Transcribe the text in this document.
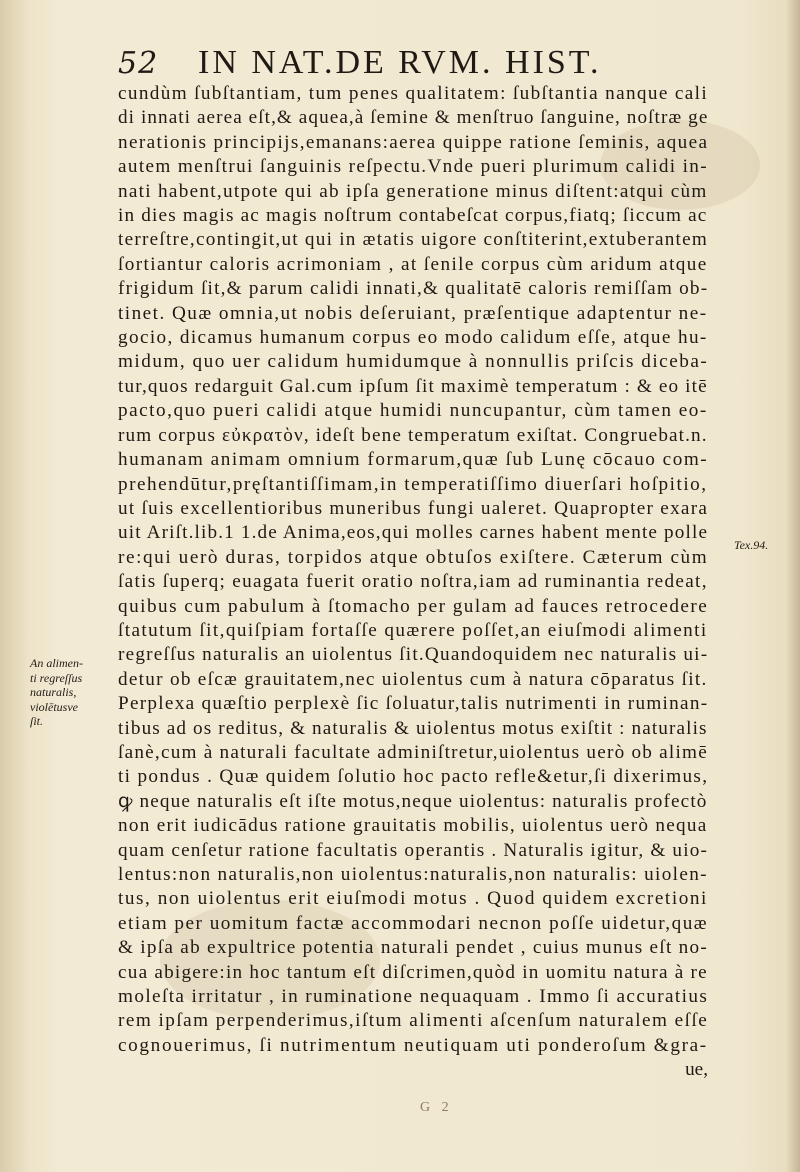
52 IN NAT.DE RVM. HIST.
cundùm ſubſtantiam, tum penes qualitatem: ſubſtantia nanque cali
di innati aerea eſt,& aquea,à ſemine & menſtruo ſanguine, noſtræ ge
nerationis principijs,emanans:aerea quippe ratione ſeminis, aquea
autem menſtrui ſanguinis reſpectu.Vnde pueri plurimum calidi in-
nati habent,utpote qui ab ipſa generatione minus diſtent:atqui cùm
in dies magis ac magis noſtrum contabeſcat corpus,fiatq; ſiccum ac
terreſtre,contingit,ut qui in ætatis uigore conſtiterint,extuberantem
ſortiantur caloris acrimoniam , at ſenile corpus cùm aridum atque
frigidum ſit,& parum calidi innati,& qualitatē caloris remiſſam ob-
tinet. Quæ omnia,ut nobis deſeruiant, præſentique adaptentur ne-
gocio, dicamus humanum corpus eo modo calidum eſſe, atque hu-
midum, quo uer calidum humidumque à nonnullis priſcis diceba-
tur,quos redarguit Gal.cum ipſum ſit maximè temperatum : & eo itē
pacto,quo pueri calidi atque humidi nuncupantur, cùm tamen eo-
rum corpus εὐκρατὸν, ideſt bene temperatum exiſtat. Congruebat.n.
humanam animam omnium formarum,quæ ſub Lunę cōcauo com-
prehendūtur,pręſtantiſſimam,in temperatiſſimo diuerſari hoſpitio,
ut ſuis excellentioribus muneribus fungi ualeret. Quapropter exara
uit Ariſt.lib.1 1.de Anima,eos,qui molles carnes habent mente polle
re:qui uerò duras, torpidos atque obtuſos exiſtere. Cæterum cùm
ſatis ſuperq; euagata fuerit oratio noſtra,iam ad ruminantia redeat,
quibus cum pabulum à ſtomacho per gulam ad fauces retrocedere
ſtatutum ſit,quiſpiam fortaſſe quærere poſſet,an eiuſmodi alimenti
regreſſus naturalis an uiolentus ſit.Quandoquidem nec naturalis ui-
detur ob eſcæ grauitatem,nec uiolentus cum à natura cōparatus ſit.
Perplexa quæſtio perplexè ſic ſoluatur,talis nutrimenti in ruminan-
tibus ad os reditus, & naturalis & uiolentus motus exiſtit : naturalis
ſanè,cum à naturali facultate adminiſtretur,uiolentus uerò ob alimē
ti pondus . Quæ quidem ſolutio hoc pacto refle&etur,ſi dixerimus,
ꝙ neque naturalis eſt iſte motus,neque uiolentus: naturalis profectò
non erit iudicādus ratione grauitatis mobilis, uiolentus uerò nequa
quam cenſetur ratione facultatis operantis . Naturalis igitur, & uio-
lentus:non naturalis,non uiolentus:naturalis,non naturalis: uiolen-
tus, non uiolentus erit eiuſmodi motus . Quod quidem excretioni
etiam per uomitum factæ accommodari necnon poſſe uidetur,quæ
& ipſa ab expultrice potentia naturali pendet , cuius munus eſt no-
cua abigere:in hoc tantum eſt diſcrimen,quòd in uomitu natura à re
moleſta irritatur , in ruminatione nequaquam . Immo ſi accuratius
rem ipſam perpenderimus,iſtum alimenti aſcenſum naturalem eſſe
cognouerimus, ſi nutrimentum neutiquam uti ponderoſum &gra-
ue,
An alimen-
ti regreſſus
naturalis,
violētusve
ſit.
Tex.94.
G 2
